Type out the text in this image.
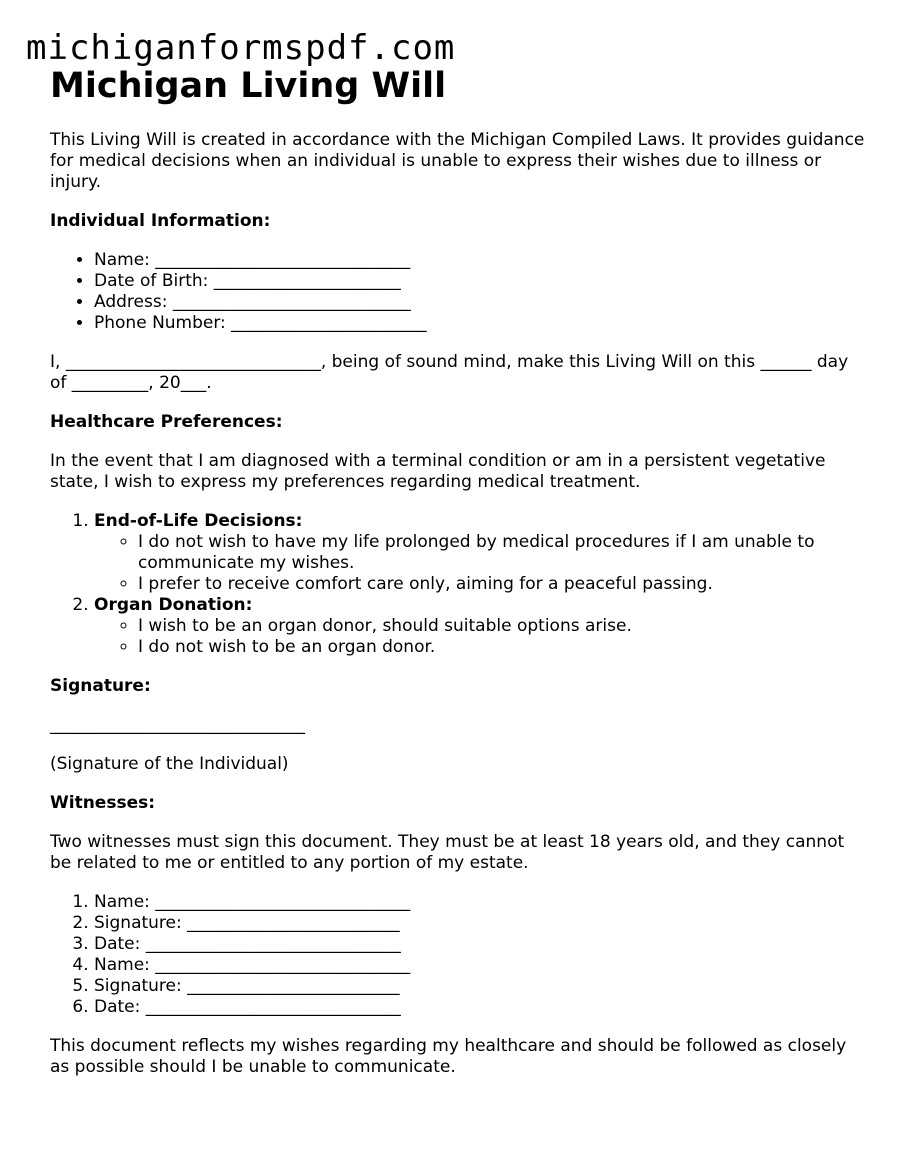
michiganformspdf.com
Michigan Living Will

This Living Will is created in accordance with the Michigan Compiled Laws. It provides guidance for medical decisions when an individual is unable to express their wishes due to illness or injury.

Individual Information:

• Name: ______________________________
• Date of Birth: ______________________
• Address: ____________________________
• Phone Number: _______________________

I, ______________________________, being of sound mind, make this Living Will on this ______ day of _________, 20___.

Healthcare Preferences:

In the event that I am diagnosed with a terminal condition or am in a persistent vegetative state, I wish to express my preferences regarding medical treatment.

1. End-of-Life Decisions:
◦ I do not wish to have my life prolonged by medical procedures if I am unable to communicate my wishes.
◦ I prefer to receive comfort care only, aiming for a peaceful passing.
2. Organ Donation:
◦ I wish to be an organ donor, should suitable options arise.
◦ I do not wish to be an organ donor.

Signature:

______________________________

(Signature of the Individual)

Witnesses:

Two witnesses must sign this document. They must be at least 18 years old, and they cannot be related to me or entitled to any portion of my estate.

1. Name: ______________________________
2. Signature: _________________________
3. Date: ______________________________
4. Name: ______________________________
5. Signature: _________________________
6. Date: ______________________________

This document reflects my wishes regarding my healthcare and should be followed as closely as possible should I be unable to communicate.
